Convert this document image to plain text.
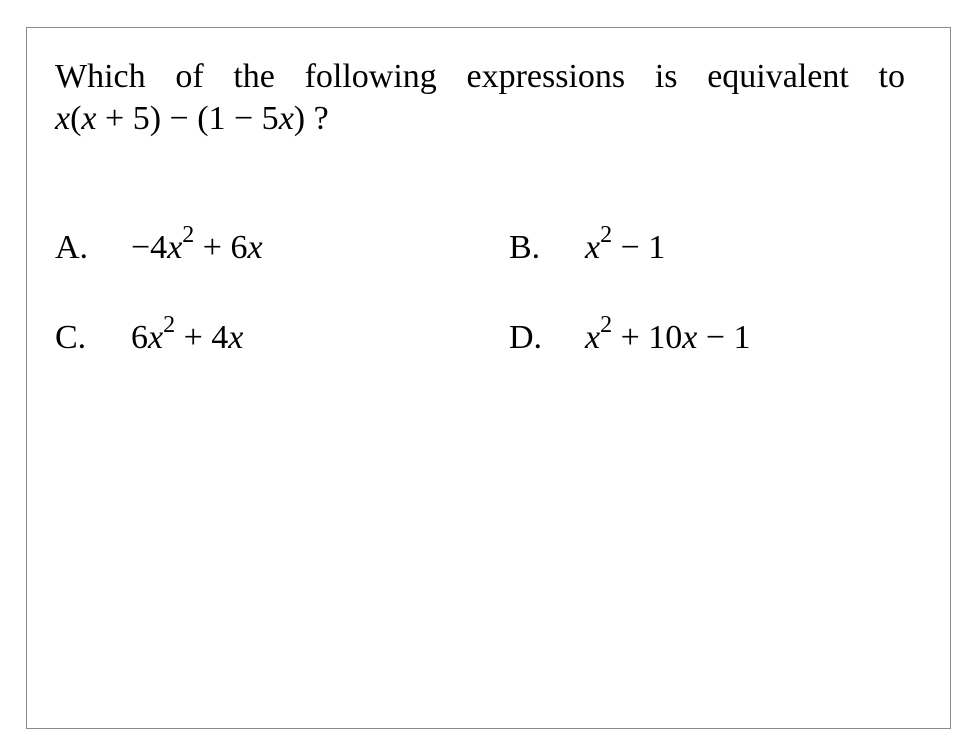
Which of the following expressions is equivalent to
x(x + 5) − (1 − 5x) ?
A. $-4x^2 + 6x$	B. $x^2 - 1$
C. $6x^2 + 4x$	D. $x^2 + 10x - 1$
